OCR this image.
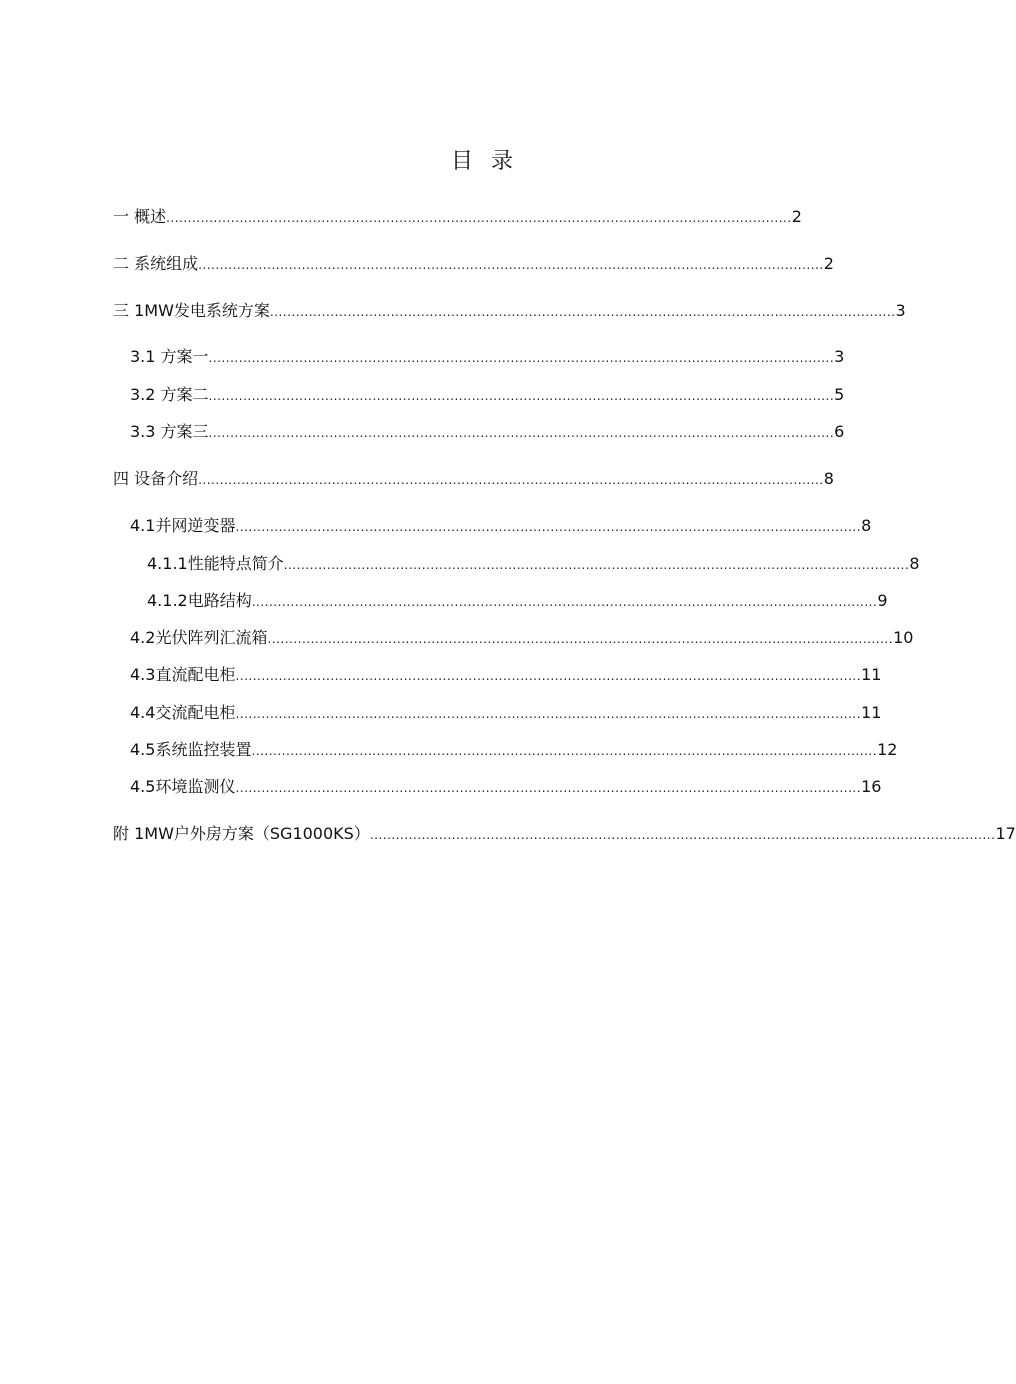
目 录
一 概述 ................................................................................................................................................. 2
二 系统组成 ................................................................................................................................................. 2
三 1MW发电系统方案 ................................................................................................................................................. 3
3.1 方案一 ................................................................................................................................................. 3
3.2 方案二 ................................................................................................................................................. 5
3.3 方案三 ................................................................................................................................................. 6
四 设备介绍 ................................................................................................................................................. 8
4.1并网逆变器 ................................................................................................................................................. 8
4.1.1性能特点简介 ................................................................................................................................................. 8
4.1.2电路结构 ................................................................................................................................................. 9
4.2光伏阵列汇流箱 ................................................................................................................................................. 10
4.3直流配电柜 ................................................................................................................................................. 11
4.4交流配电柜 ................................................................................................................................................. 11
4.5系统监控装置 ................................................................................................................................................. 12
4.5环境监测仪 ................................................................................................................................................. 16
附 1MW户外房方案（SG1000KS） ................................................................................................................................................. 17
